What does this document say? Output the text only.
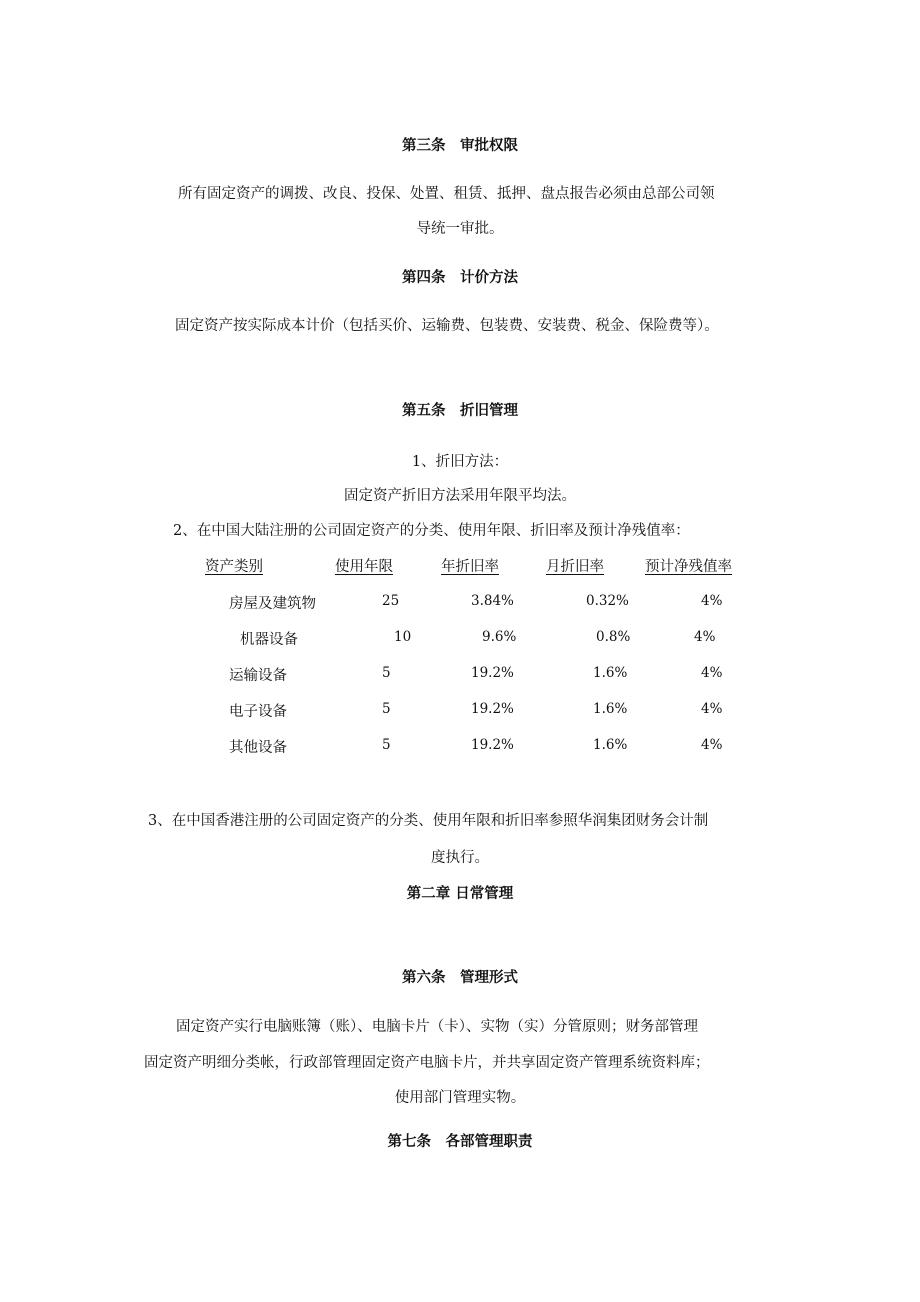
第三条　审批权限
所有固定资产的调拨、改良、投保、处置、租赁、抵押、盘点报告必须由总部公司领
导统一审批。
第四条　计价方法
固定资产按实际成本计价（包括买价、运输费、包装费、安装费、税金、保险费等）。
第五条　折旧管理
1、折旧方法：
固定资产折旧方法采用年限平均法。
2、在中国大陆注册的公司固定资产的分类、使用年限、折旧率及预计净残值率：
资产类别	使用年限	年折旧率	月折旧率	预计净残值率
房屋及建筑物	25	3.84%	0.32%	4%
机器设备	10	9.6%	0.8%	4%
运输设备	5	19.2%	1.6%	4%
电子设备	5	19.2%	1.6%	4%
其他设备	5	19.2%	1.6%	4%
3、在中国香港注册的公司固定资产的分类、使用年限和折旧率参照华润集团财务会计制
度执行。
第二章 日常管理
第六条　管理形式
固定资产实行电脑账簿（账）、电脑卡片（卡）、实物（实）分管原则；财务部管理
固定资产明细分类帐，行政部管理固定资产电脑卡片，并共享固定资产管理系统资料库；
使用部门管理实物。
第七条　各部管理职责
